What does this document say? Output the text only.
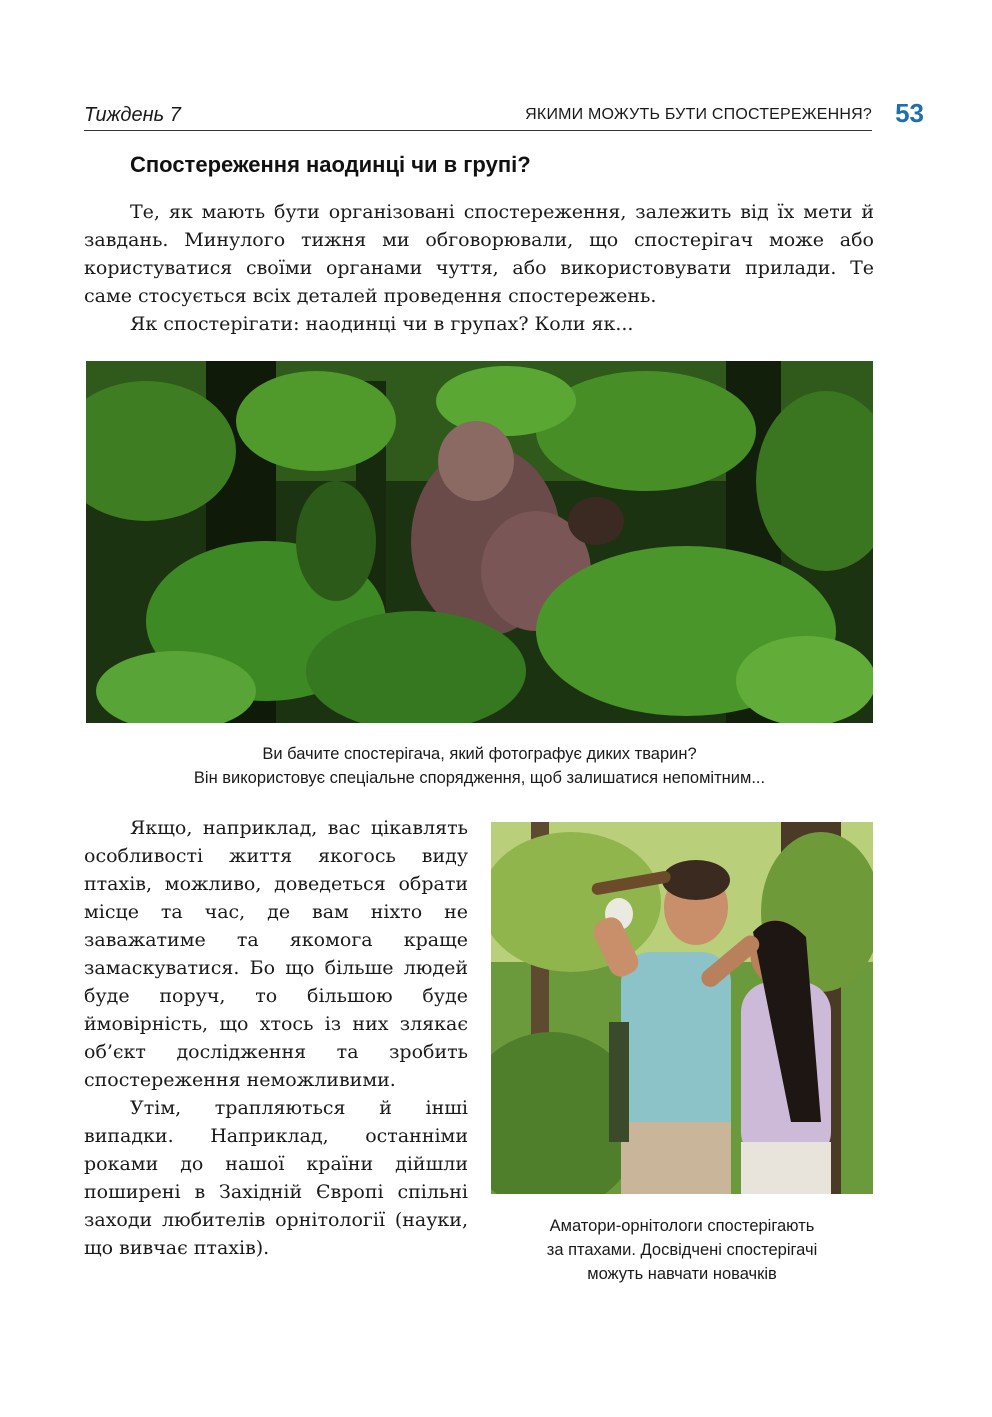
Тиждень 7	ЯКИМИ МОЖУТЬ БУТИ СПОСТЕРЕЖЕННЯ? 53
Спостереження наодинці чи в групі?

Те, як мають бути організовані спостереження, залежить від їх мети й завдань. Минулого тижня ми обговорювали, що спостерігач може або користуватися своїми органами чуття, або використовувати прилади. Те саме стосується всіх деталей проведення спостережень.

Як спостерігати: наодинці чи в групах? Коли як...

Ви бачите спостерігача, який фотографує диких тварин?
Він використовує спеціальне спорядження, щоб залишатися непомітним...

Якщо, наприклад, вас цікавлять особливості життя якогось виду птахів, можливо, доведеться обрати місце та час, де вам ніхто не заважатиме та якомога краще замаскуватися. Бо що більше людей буде поруч, то більшою буде ймовірність, що хтось із них злякає об’єкт дослідження та зробить спостереження неможливими.

Утім, трапляються й інші випадки. Наприклад, останніми роками до нашої країни дійшли поширені в Західній Європі спільні заходи любителів орнітології (науки, що вивчає птахів).

Аматори-орнітологи спостерігають
за птахами. Досвідчені спостерігачі
можуть навчати новачків
